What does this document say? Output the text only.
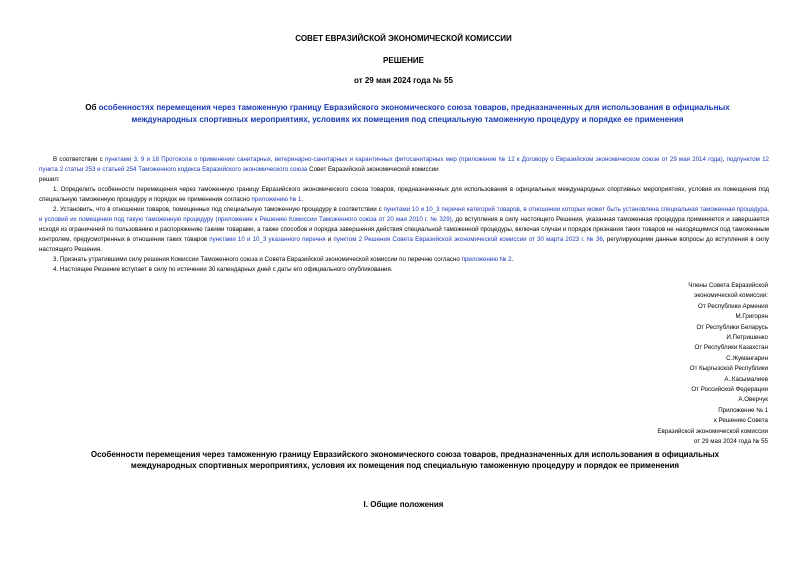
СОВЕТ ЕВРАЗИЙСКОЙ ЭКОНОМИЧЕСКОЙ КОМИССИИ
РЕШЕНИЕ
от 29 мая 2024 года № 55
Об особенностях перемещения через таможенную границу Евразийского экономического союза товаров, предназначенных для использования в официальных международных спортивных мероприятиях, условиях их помещения под специальную таможенную процедуру и порядке ее применения

В соответствии с пунктами 3, 9 и 18 Протокола о применении санитарных, ветеринарно-санитарных и карантинных фитосанитарных мер (приложение № 12 к Договору о Евразийском экономическом союзе от 29 мая 2014 года), подпунктом 12 пункта 2 статьи 253 и статьей 254 Таможенного кодекса Евразийского экономического союза Совет Евразийской экономической комиссии

решил:

1. Определить особенности перемещения через таможенную границу Евразийского экономического союза товаров, предназначенных для использования в официальных международных спортивных мероприятиях, условия их помещения под специальную таможенную процедуру и порядок ее применения согласно приложению № 1.

2. Установить, что в отношении товаров, помещенных под специальную таможенную процедуру в соответствии с пунктами 10 и 10_3 перечня категорий товаров, в отношении которых может быть установлена специальная таможенная процедура, и условий их помещения под такую таможенную процедуру (приложение к Решению Комиссии Таможенного союза от 20 мая 2010 г. № 329), до вступления в силу настоящего Решения, указанная таможенная процедура применяется и завершается исходя из ограничений по пользованию и распоряжению такими товарами, а также способов и порядка завершения действия специальной таможенной процедуры, включая случаи и порядок признания таких товаров не находящимися под таможенным контролем, предусмотренных в отношении таких товаров пунктами 10 и 10_3 указанного перечня и пунктом 2 Решения Совета Евразийской экономической комиссии от 30 марта 2023 г. № 36, регулирующими данные вопросы до вступления в силу настоящего Решения.

3. Признать утратившими силу решения Комиссии Таможенного союза и Совета Евразийской экономической комиссии по перечню согласно приложению № 2.

4. Настоящее Решение вступает в силу по истечении 30 календарных дней с даты его официального опубликования.

Члены Совета Евразийской
экономической комиссии:
От Республики Армения
М.Григорян
От Республики Беларусь
И.Петришенко
От Республики Казахстан
С.Жумангарин
От Кыргызской Республики
А..Касымалиев
От Российской Федерации
А.Оверчук
Приложение № 1
к Решению Совета
Евразийской экономической комиссии
от 29 мая 2024 года № 55
Особенности перемещения через таможенную границу Евразийского экономического союза товаров, предназначенных для использования в официальных международных спортивных мероприятиях, условия их помещения под специальную таможенную процедуру и порядок ее применения
I. Общие положения
